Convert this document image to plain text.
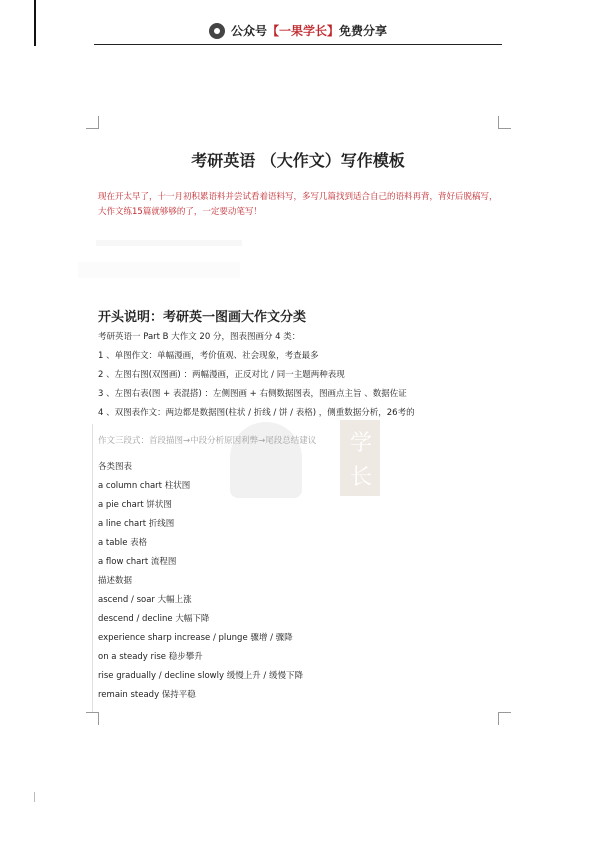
公众号【一果学长】免费分享
考研英语 （大作文）写作模板
现在开太早了，十一月初积累语料并尝试看着语料写，多写几篇找到适合自己的语料再背，背好后脱稿写，大作文练15篇就够够的了，一定要动笔写！
开头说明：考研英一图画大作文分类
考研英语一 Part B 大作文 20 分，图表图画分 4 类：
1 、单图作文：单幅漫画，考价值观、社会现象，考查最多
2 、左图右图(双图画) ：两幅漫画，正反对比 / 同一主题两种表现
3 、左图右表(图 + 表混搭) ：左侧图画 + 右侧数据图表，图画点主旨 、数据佐证
4 、双图表作文：两边都是数据图(柱状 / 折线 / 饼 / 表格) ，侧重数据分析，26考的
学
长
作文三段式：首段描图→中段分析原因利弊→尾段总结建议
各类图表
a column chart 柱状图
a pie chart 饼状图
a line chart 折线图
a table 表格
a flow chart 流程图
描述数据
ascend / soar 大幅上涨
descend / decline 大幅下降
experience sharp increase / plunge 骤增 / 骤降
on a steady rise 稳步攀升
rise gradually / decline slowly 缓慢上升 / 缓慢下降
remain steady 保持平稳
